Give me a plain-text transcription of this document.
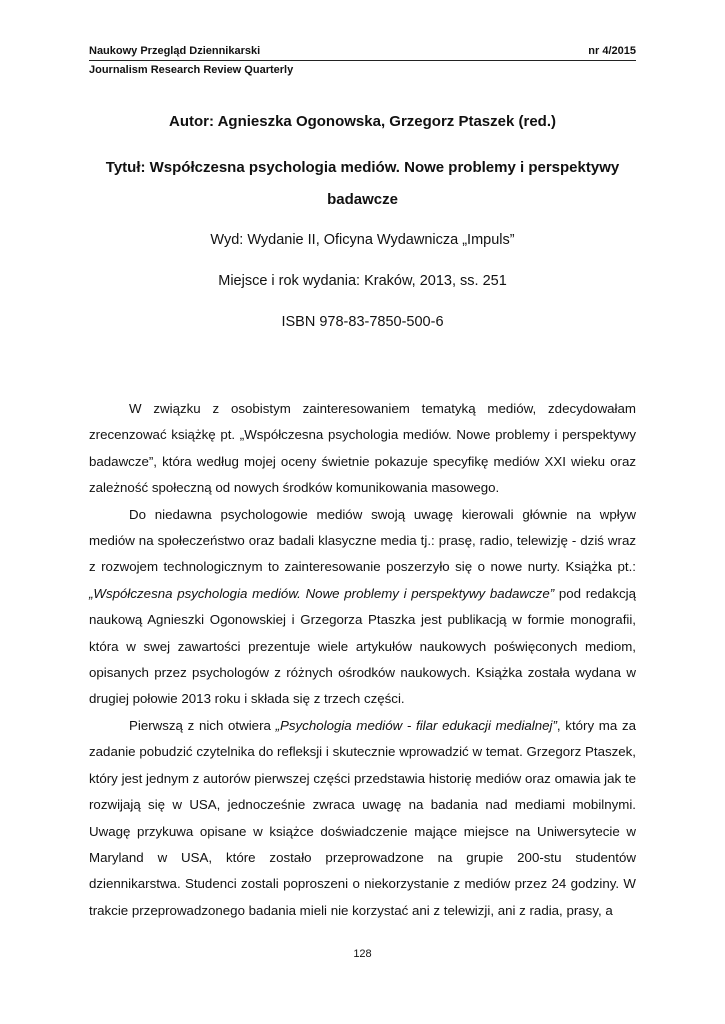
Naukowy Przegląd Dziennikarski	nr 4/2015
Journalism Research Review Quarterly
Autor: Agnieszka Ogonowska, Grzegorz Ptaszek (red.)
Tytuł: Współczesna psychologia mediów. Nowe problemy i perspektywy badawcze
Wyd: Wydanie II, Oficyna Wydawnicza „Impuls”
Miejsce i rok wydania: Kraków, 2013, ss. 251
ISBN 978-83-7850-500-6

W związku z osobistym zainteresowaniem tematyką mediów, zdecydowałam zrecenzować książkę pt. „Współczesna psychologia mediów. Nowe problemy i perspektywy badawcze”, która według mojej oceny świetnie pokazuje specyfikę mediów XXI wieku oraz zależność społeczną od nowych środków komunikowania masowego.

Do niedawna psychologowie mediów swoją uwagę kierowali głównie na wpływ mediów na społeczeństwo oraz badali klasyczne media tj.: prasę, radio, telewizję - dziś wraz z rozwojem technologicznym to zainteresowanie poszerzyło się o nowe nurty. Książka pt.: „Współczesna psychologia mediów. Nowe problemy i perspektywy badawcze” pod redakcją naukową Agnieszki Ogonowskiej i Grzegorza Ptaszka jest publikacją w formie monografii, która w swej zawartości prezentuje wiele artykułów naukowych poświęconych mediom, opisanych przez psychologów z różnych ośrodków naukowych. Książka została wydana w drugiej połowie 2013 roku i składa się z trzech części.

Pierwszą z nich otwiera „Psychologia mediów - filar edukacji medialnej”, który ma za zadanie pobudzić czytelnika do refleksji i skutecznie wprowadzić w temat. Grzegorz Ptaszek, który jest jednym z autorów pierwszej części przedstawia historię mediów oraz omawia jak te rozwijają się w USA, jednocześnie zwraca uwagę na badania nad mediami mobilnymi. Uwagę przykuwa opisane w książce doświadczenie mające miejsce na Uniwersytecie w Maryland w USA, które zostało przeprowadzone na grupie 200-stu studentów dziennikarstwa. Studenci zostali poproszeni o niekorzystanie z mediów przez 24 godziny. W trakcie przeprowadzonego badania mieli nie korzystać ani z telewizji, ani z radia, prasy, a

128
